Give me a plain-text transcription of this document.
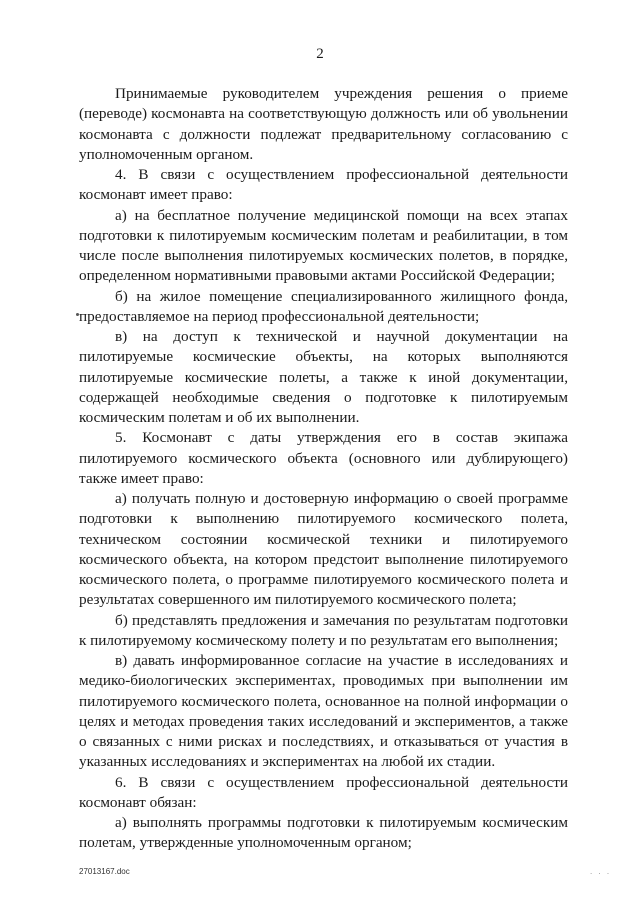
2

Принимаемые руководителем учреждения решения о приеме (переводе) космонавта на соответствующую должность или об увольнении космонавта с должности подлежат предварительному согласованию с уполномоченным органом.

4. В связи с осуществлением профессиональной деятельности космонавт имеет право:

а) на бесплатное получение медицинской помощи на всех этапах подготовки к пилотируемым космическим полетам и реабилитации, в том числе после выполнения пилотируемых космических полетов, в порядке, определенном нормативными правовыми актами Российской Федерации;

б) на жилое помещение специализированного жилищного фонда, предоставляемое на период профессиональной деятельности;

в) на доступ к технической и научной документации на пилотируемые космические объекты, на которых выполняются пилотируемые космические полеты, а также к иной документации, содержащей необходимые сведения о подготовке к пилотируемым космическим полетам и об их выполнении.

5. Космонавт с даты утверждения его в состав экипажа пилотируемого космического объекта (основного или дублирующего) также имеет право:

а) получать полную и достоверную информацию о своей программе подготовки к выполнению пилотируемого космического полета, техническом состоянии космической техники и пилотируемого космического объекта, на котором предстоит выполнение пилотируемого космического полета, о программе пилотируемого космического полета и результатах совершенного им пилотируемого космического полета;

б) представлять предложения и замечания по результатам подготовки к пилотируемому космическому полету и по результатам его выполнения;

в) давать информированное согласие на участие в исследованиях и медико-биологических экспериментах, проводимых при выполнении им пилотируемого космического полета, основанное на полной информации о целях и методах проведения таких исследований и экспериментов, а также о связанных с ними рисках и последствиях, и отказываться от участия в указанных исследованиях и экспериментах на любой их стадии.

6. В связи с осуществлением профессиональной деятельности космонавт обязан:

а) выполнять программы подготовки к пилотируемым космическим полетам, утвержденные уполномоченным органом;

27013167.doc	. . .
